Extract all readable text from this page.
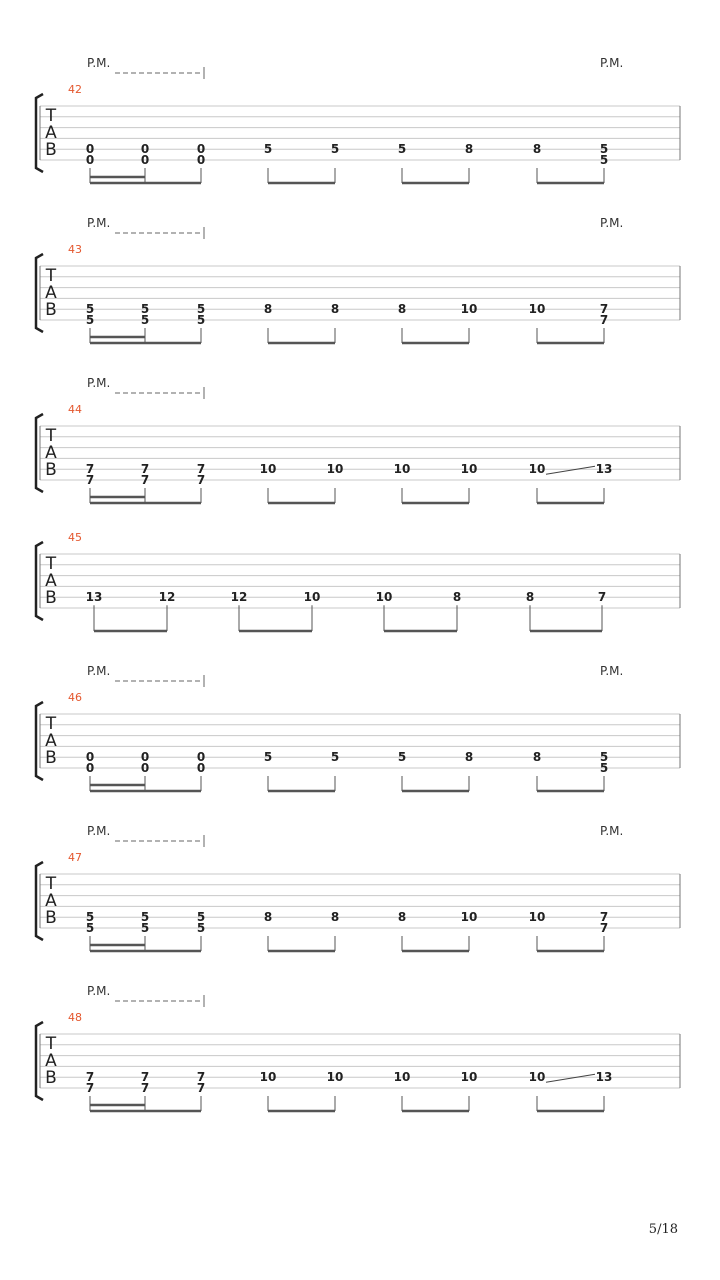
T
A
B
42
P.M.	P.M.
0	0	0	5	5	5	8	8	5
0	0	0	5
T
A
B
43
P.M.	P.M.
5	5	5	8	8	8	10	10	7
5	5	5	7
T
A
B
44
P.M.
7	7	7	10	10	10	10	10	13
7	7	7
T
A
B
45
13	12	12	10	10	8	8	7
T
A
B
46
P.M.	P.M.
0	0	0	5	5	5	8	8	5
0	0	0	5
T
A
B
47
P.M.	P.M.
5	5	5	8	8	8	10	10	7
5	5	5	7
T
A
B
48
P.M.
7	7	7	10	10	10	10	10	13
7	7	7
5/18
